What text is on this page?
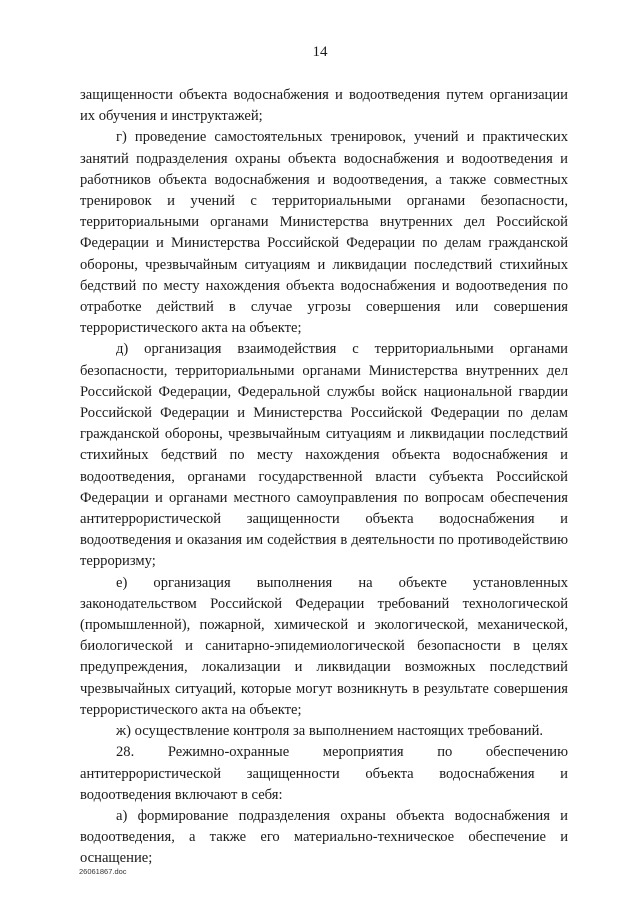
14

защищенности объекта водоснабжения и водоотведения путем организации их обучения и инструктажей;

г) проведение самостоятельных тренировок, учений и практических занятий подразделения охраны объекта водоснабжения и водоотведения и работников объекта водоснабжения и водоотведения, а также совместных тренировок и учений с территориальными органами безопасности, территориальными органами Министерства внутренних дел Российской Федерации и Министерства Российской Федерации по делам гражданской обороны, чрезвычайным ситуациям и ликвидации последствий стихийных бедствий по месту нахождения объекта водоснабжения и водоотведения по отработке действий в случае угрозы совершения или совершения террористического акта на объекте;

д) организация взаимодействия с территориальными органами безопасности, территориальными органами Министерства внутренних дел Российской Федерации, Федеральной службы войск национальной гвардии Российской Федерации и Министерства Российской Федерации по делам гражданской обороны, чрезвычайным ситуациям и ликвидации последствий стихийных бедствий по месту нахождения объекта водоснабжения и водоотведения, органами государственной власти субъекта Российской Федерации и органами местного самоуправления по вопросам обеспечения антитеррористической защищенности объекта водоснабжения и водоотведения и оказания им содействия в деятельности по противодействию терроризму;

е) организация выполнения на объекте установленных законодательством Российской Федерации требований технологической (промышленной), пожарной, химической и экологической, механической, биологической и санитарно-эпидемиологической безопасности в целях предупреждения, локализации и ликвидации возможных последствий чрезвычайных ситуаций, которые могут возникнуть в результате совершения террористического акта на объекте;

ж) осуществление контроля за выполнением настоящих требований.

28. Режимно-охранные мероприятия по обеспечению антитеррористической защищенности объекта водоснабжения и водоотведения включают в себя:

а) формирование подразделения охраны объекта водоснабжения и водоотведения, а также его материально-техническое обеспечение и оснащение;

26061867.doc
